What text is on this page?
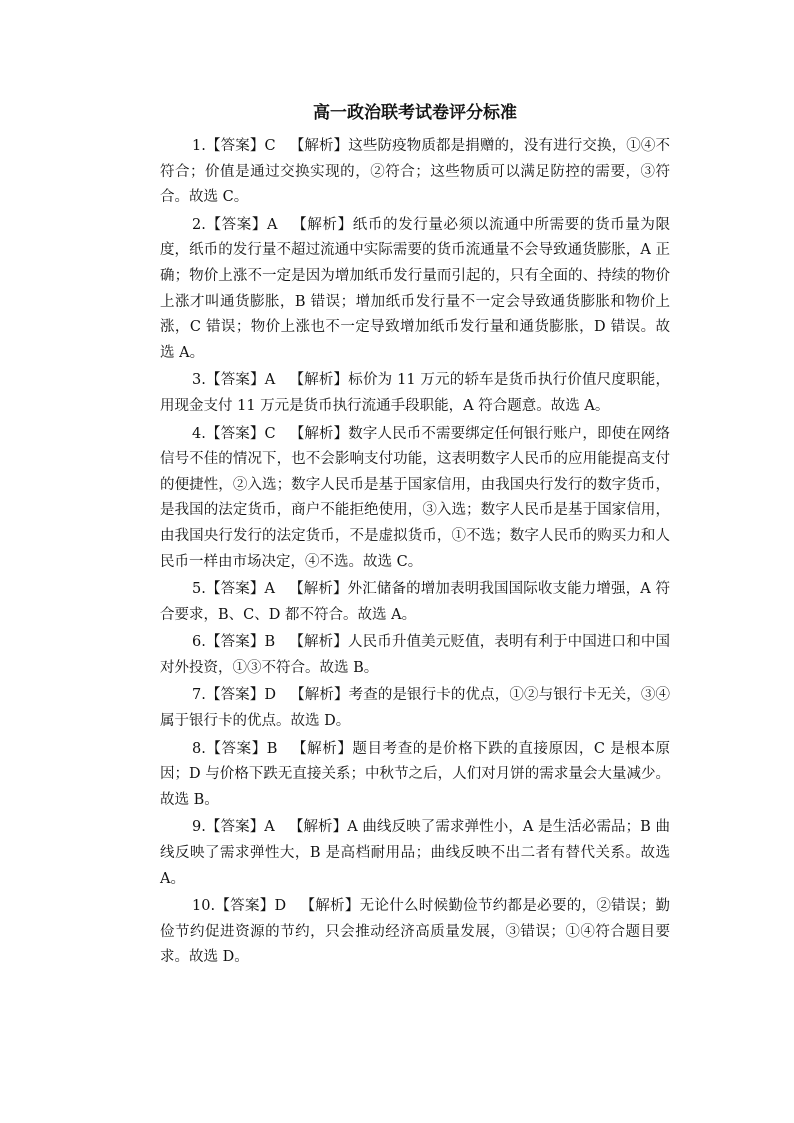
高一政治联考试卷评分标准

1.【答案】C 【解析】这些防疫物质都是捐赠的，没有进行交换，①④不符合；价值是通过交换实现的，②符合；这些物质可以满足防控的需要，③符合。故选 C。

2.【答案】A 【解析】纸币的发行量必须以流通中所需要的货币量为限度，纸币的发行量不超过流通中实际需要的货币流通量不会导致通货膨胀，A 正确；物价上涨不一定是因为增加纸币发行量而引起的，只有全面的、持续的物价上涨才叫通货膨胀，B 错误；增加纸币发行量不一定会导致通货膨胀和物价上涨，C 错误；物价上涨也不一定导致增加纸币发行量和通货膨胀，D 错误。故选 A。

3.【答案】A 【解析】标价为 11 万元的轿车是货币执行价值尺度职能，用现金支付 11 万元是货币执行流通手段职能，A 符合题意。故选 A。

4.【答案】C 【解析】数字人民币不需要绑定任何银行账户，即使在网络信号不佳的情况下，也不会影响支付功能，这表明数字人民币的应用能提高支付的便捷性，②入选；数字人民币是基于国家信用，由我国央行发行的数字货币，是我国的法定货币，商户不能拒绝使用，③入选；数字人民币是基于国家信用，由我国央行发行的法定货币，不是虚拟货币，①不选；数字人民币的购买力和人民币一样由市场决定，④不选。故选 C。

5.【答案】A 【解析】外汇储备的增加表明我国国际收支能力增强，A 符合要求，B、C、D 都不符合。故选 A。

6.【答案】B 【解析】人民币升值美元贬值，表明有利于中国进口和中国对外投资，①③不符合。故选 B。

7.【答案】D 【解析】考查的是银行卡的优点，①②与银行卡无关，③④属于银行卡的优点。故选 D。

8.【答案】B 【解析】题目考查的是价格下跌的直接原因，C 是根本原因；D 与价格下跌无直接关系；中秋节之后，人们对月饼的需求量会大量减少。故选 B。

9.【答案】A 【解析】A 曲线反映了需求弹性小，A 是生活必需品；B 曲线反映了需求弹性大，B 是高档耐用品；曲线反映不出二者有替代关系。故选 A。

10.【答案】D 【解析】无论什么时候勤俭节约都是必要的，②错误；勤俭节约促进资源的节约，只会推动经济高质量发展，③错误；①④符合题目要求。故选 D。
